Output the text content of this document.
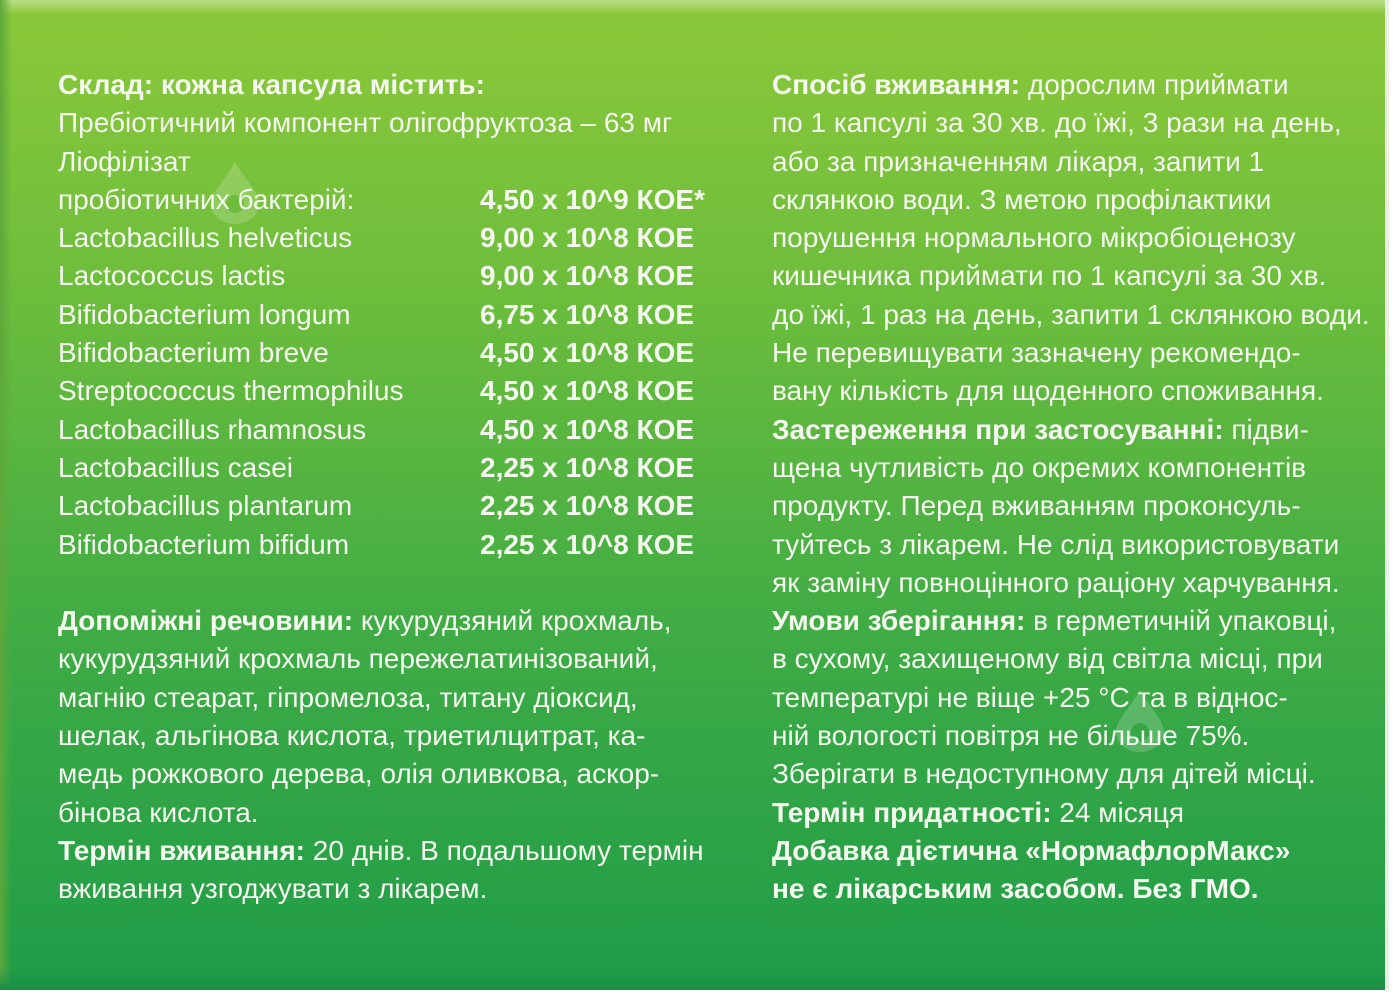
Склад: кожна капсула містить:
Пребіотичний компонент олігофруктоза – 63 мг
Ліофілізат
пробіотичних бактерій:	4,50 x 10^9 КОЕ*
Lactobacillus helveticus	9,00 x 10^8 КОЕ
Lactococcus lactis	9,00 x 10^8 КОЕ
Bifidobacterium longum	6,75 x 10^8 КОЕ
Bifidobacterium breve	4,50 x 10^8 КОЕ
Streptococcus thermophilus	4,50 x 10^8 КОЕ
Lactobacillus rhamnosus	4,50 x 10^8 КОЕ
Lactobacillus casei	2,25 x 10^8 КОЕ
Lactobacillus plantarum	2,25 x 10^8 КОЕ
Bifidobacterium bifidum	2,25 x 10^8 КОЕ
Допоміжні речовини: кукурудзяний крохмаль,
кукурудзяний крохмаль пережелатинізований,
магнію стеарат, гіпромелоза, титану діоксид,
шелак, альгінова кислота, триетилцитрат, ка-
медь рожкового дерева, олія оливкова, аскор-
бінова кислота.
Термін вживання: 20 днів. В подальшому термін
вживання узгоджувати з лікарем.
Спосіб вживання: дорослим приймати
по 1 капсулі за 30 хв. до їжі, 3 рази на день,
або за призначенням лікаря, запити 1
склянкою води. З метою профілактики
порушення нормального мікробіоценозу
кишечника приймати по 1 капсулі за 30 хв.
до їжі, 1 раз на день, запити 1 склянкою води.
Не перевищувати зазначену рекомендо-
вану кількість для щоденного споживання.
Застереження при застосуванні: підви-
щена чутливість до окремих компонентів
продукту. Перед вживанням проконсуль-
туйтесь з лікарем. Не слід використовувати
як заміну повноцінного раціону харчування.
Умови зберігання: в герметичній упаковці,
в сухому, захищеному від світла місці, при
температурі не віще +25 °С та в віднос-
ній вологості повітря не більше 75%.
Зберігати в недоступному для дітей місці.
Термін придатності: 24 місяця
Добавка дієтична «НормафлорМакс»
не є лікарським засобом. Без ГМО.
